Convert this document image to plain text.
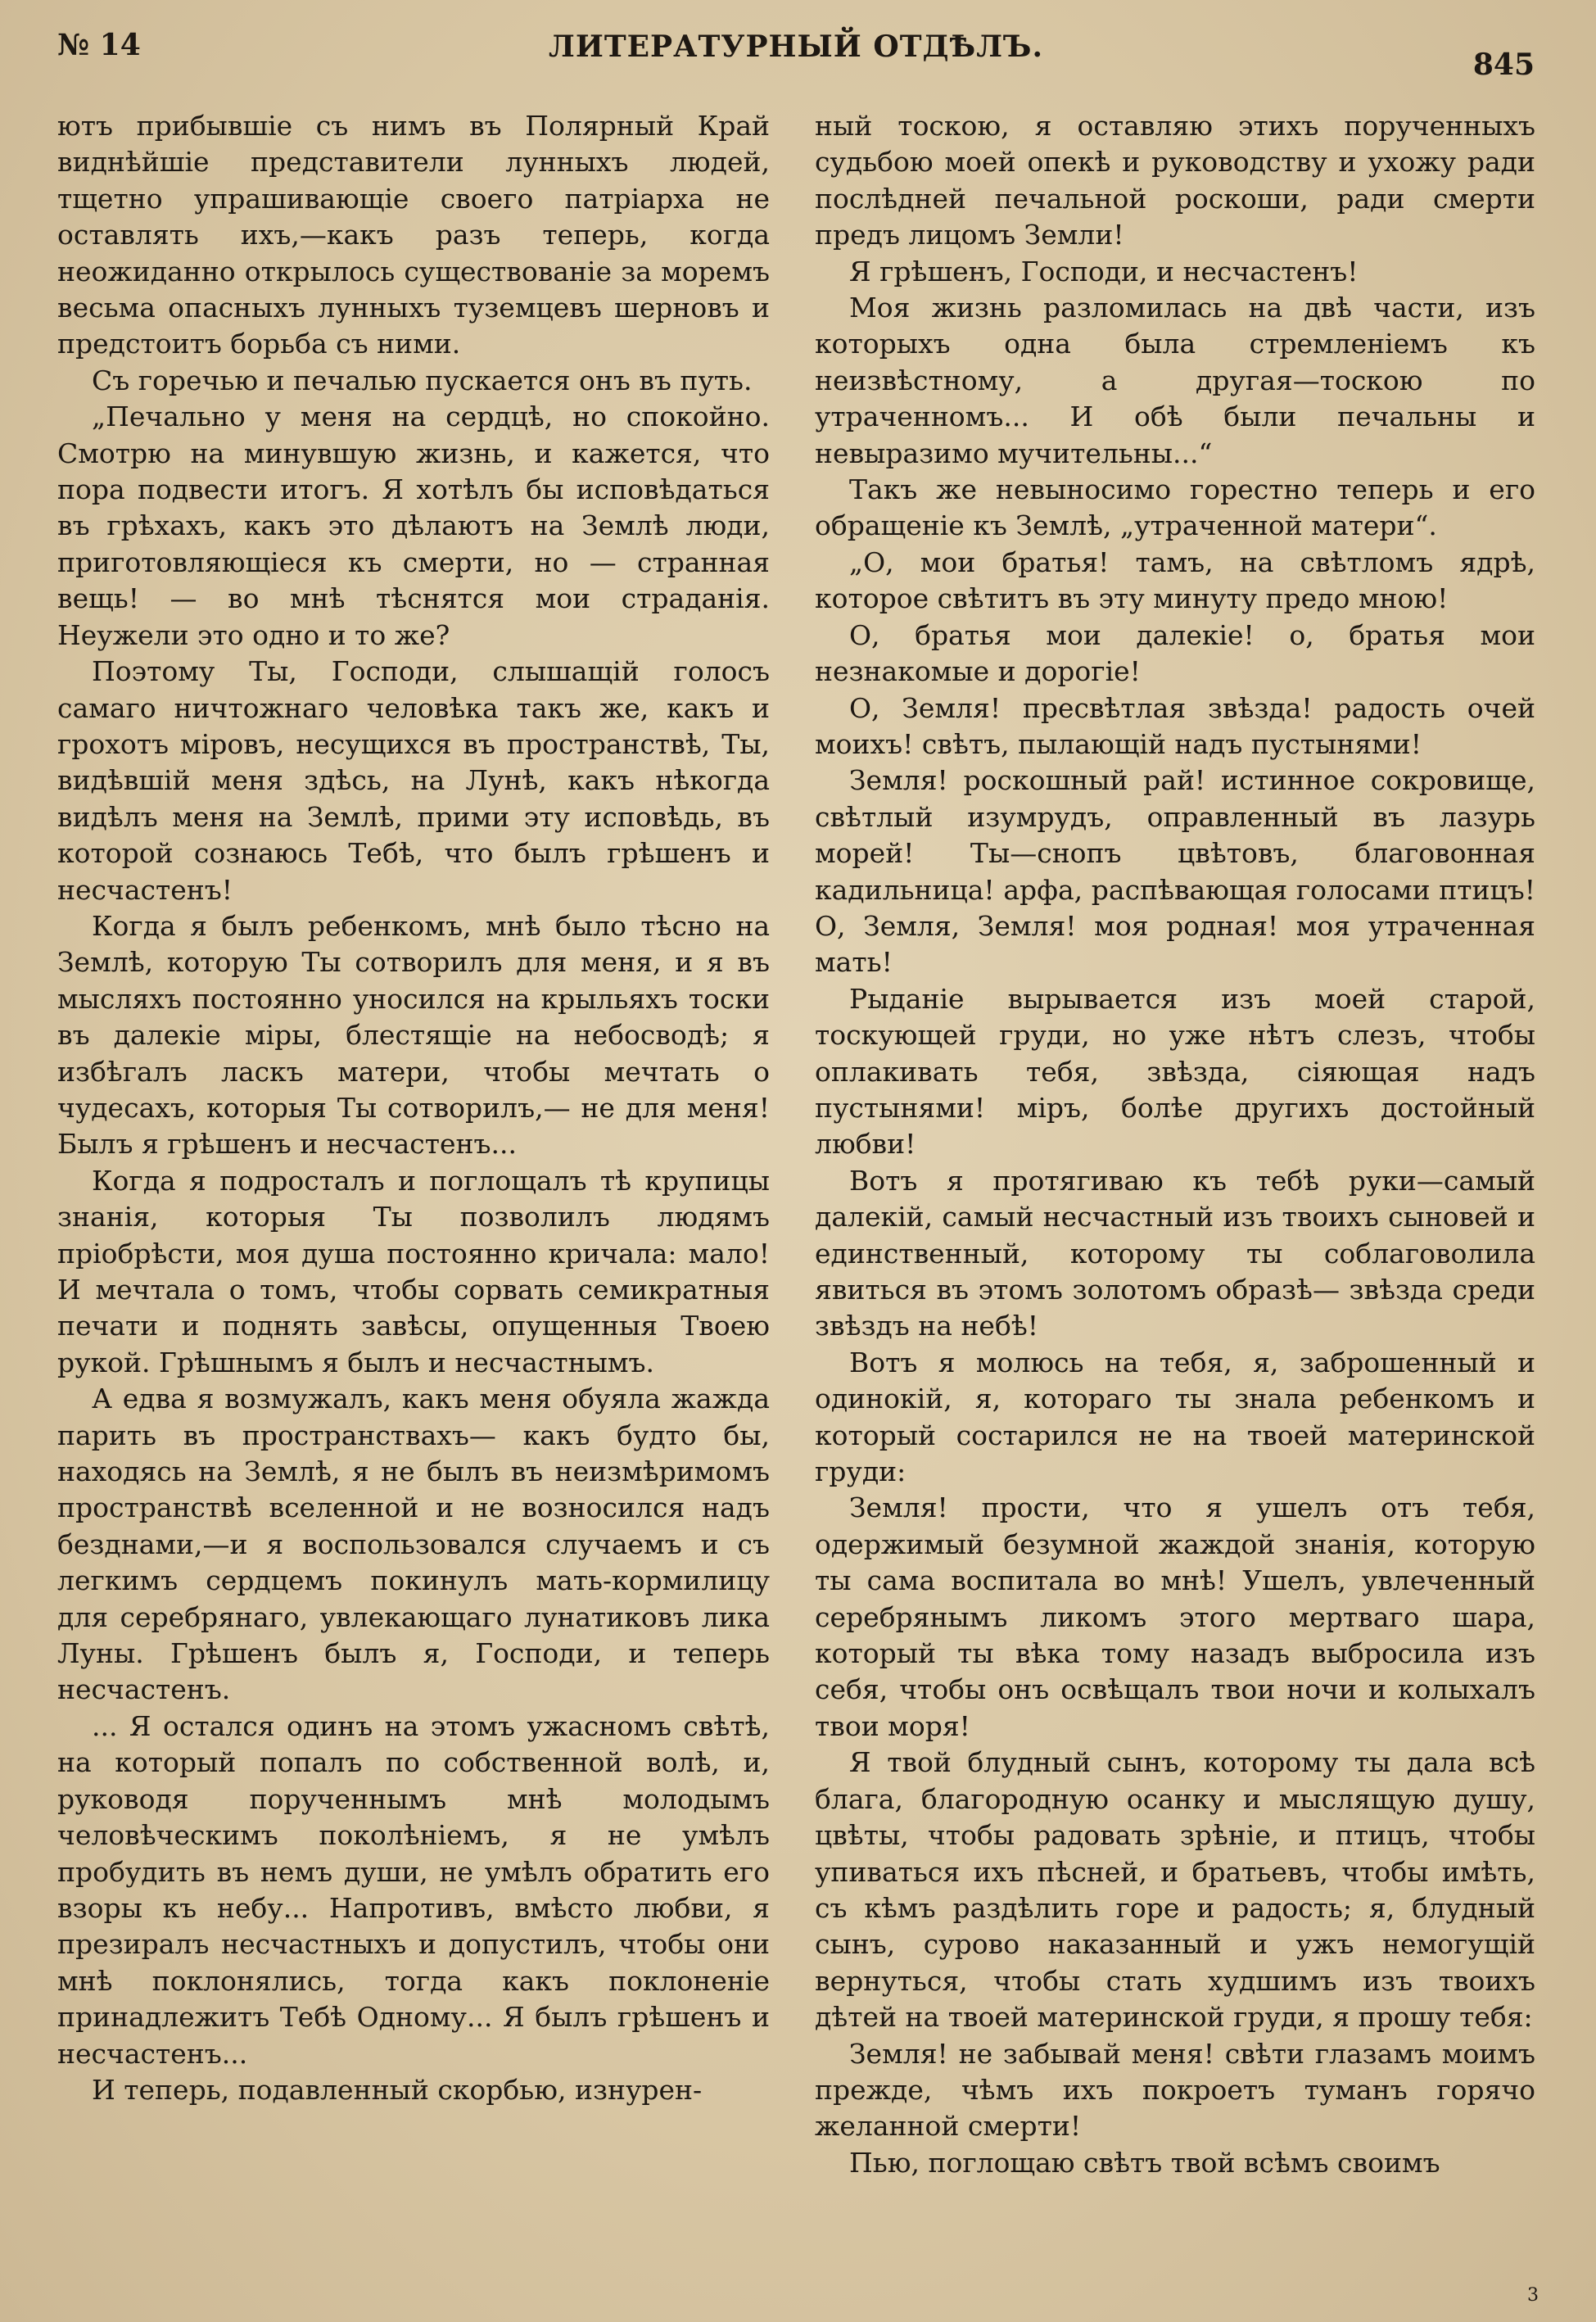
№ 14	ЛИТЕРАТУРНЫЙ ОТДѢЛЪ.
845

ютъ прибывшіе съ нимъ въ Полярный Край виднѣйшіе представители лунныхъ людей, тщетно упрашивающіе своего патріарха не оставлять ихъ,—какъ разъ теперь, когда неожиданно открылось существованіе за моремъ весьма опасныхъ лунныхъ туземцевъ шерновъ и предстоитъ борьба съ ними.

Съ горечью и печалью пускается онъ въ путь.

„Печально у меня на сердцѣ, но спокойно. Смотрю на минувшую жизнь, и кажется, что пора подвести итогъ. Я хотѣлъ бы исповѣдаться въ грѣхахъ, какъ это дѣлаютъ на Землѣ люди, приготовляющіеся къ смерти, но — странная вещь! — во мнѣ тѣснятся мои страданія. Неужели это одно и то же?

Поэтому Ты, Господи, слышащій голосъ самаго ничтожнаго человѣка такъ же, какъ и грохотъ міровъ, несущихся въ пространствѣ, Ты, видѣвшій меня здѣсь, на Лунѣ, какъ нѣкогда видѣлъ меня на Землѣ, прими эту исповѣдь, въ которой сознаюсь Тебѣ, что былъ грѣшенъ и несчастенъ!

Когда я былъ ребенкомъ, мнѣ было тѣсно на Землѣ, которую Ты сотворилъ для меня, и я въ мысляхъ постоянно уносился на крыльяхъ тоски въ далекіе міры, блестящіе на небосводѣ; я избѣгалъ ласкъ матери, чтобы мечтать о чудесахъ, которыя Ты сотворилъ,— не для меня! Былъ я грѣшенъ и несчастенъ...

Когда я подросталъ и поглощалъ тѣ крупицы знанія, которыя Ты позволилъ людямъ пріобрѣсти, моя душа постоянно кричала: мало! И мечтала о томъ, чтобы сорвать семикратныя печати и поднять завѣсы, опущенныя Твоею рукой. Грѣшнымъ я былъ и несчастнымъ.

А едва я возмужалъ, какъ меня обуяла жажда парить въ пространствахъ— какъ будто бы, находясь на Землѣ, я не былъ въ неизмѣримомъ пространствѣ вселенной и не возносился надъ безднами,—и я воспользовался случаемъ и съ легкимъ сердцемъ покинулъ мать-кормилицу для серебрянаго, увлекающаго лунатиковъ лика Луны. Грѣшенъ былъ я, Господи, и теперь несчастенъ.

... Я остался одинъ на этомъ ужасномъ свѣтѣ, на который попалъ по собственной волѣ, и, руководя порученнымъ мнѣ молодымъ человѣческимъ поколѣніемъ, я не умѣлъ пробудить въ немъ души, не умѣлъ обратить его взоры къ небу... Напротивъ, вмѣсто любви, я презиралъ несчастныхъ и допустилъ, чтобы они мнѣ поклонялись, тогда какъ поклоненіе принадлежитъ Тебѣ Одному... Я былъ грѣшенъ и несчастенъ...

И теперь, подавленный скорбью, изнурен-

ный тоскою, я оставляю этихъ порученныхъ судьбою моей опекѣ и руководству и ухожу ради послѣдней печальной роскоши, ради смерти предъ лицомъ Земли!

Я грѣшенъ, Господи, и несчастенъ!

Моя жизнь разломилась на двѣ части, изъ которыхъ одна была стремленіемъ къ неизвѣстному, а другая—тоскою по утраченномъ... И обѣ были печальны и невыразимо мучительны...“

Такъ же невыносимо горестно теперь и его обращеніе къ Землѣ, „утраченной матери“.

„О, мои братья! тамъ, на свѣтломъ ядрѣ, которое свѣтитъ въ эту минуту предо мною!

О, братья мои далекіе! о, братья мои незнакомые и дорогіе!

О, Земля! пресвѣтлая звѣзда! радость очей моихъ! свѣтъ, пылающій надъ пустынями!

Земля! роскошный рай! истинное сокровище, свѣтлый изумрудъ, оправленный въ лазурь морей! Ты—снопъ цвѣтовъ, благовонная кадильница! арфа, распѣвающая голосами птицъ! О, Земля, Земля! моя родная! моя утраченная мать!

Рыданіе вырывается изъ моей старой, тоскующей груди, но уже нѣтъ слезъ, чтобы оплакивать тебя, звѣзда, сіяющая надъ пустынями! міръ, болѣе другихъ достойный любви!

Вотъ я протягиваю къ тебѣ руки—самый далекій, самый несчастный изъ твоихъ сыновей и единственный, которому ты соблаговолила явиться въ этомъ золотомъ образѣ— звѣзда среди звѣздъ на небѣ!

Вотъ я молюсь на тебя, я, заброшенный и одинокій, я, котораго ты знала ребенкомъ и который состарился не на твоей материнской груди:

Земля! прости, что я ушелъ отъ тебя, одержимый безумной жаждой знанія, которую ты сама воспитала во мнѣ! Ушелъ, увлеченный серебрянымъ ликомъ этого мертваго шара, который ты вѣка тому назадъ выбросила изъ себя, чтобы онъ освѣщалъ твои ночи и колыхалъ твои моря!

Я твой блудный сынъ, которому ты дала всѣ блага, благородную осанку и мыслящую душу, цвѣты, чтобы радовать зрѣніе, и птицъ, чтобы упиваться ихъ пѣсней, и братьевъ, чтобы имѣть, съ кѣмъ раздѣлить горе и радость; я, блудный сынъ, сурово наказанный и ужъ немогущій вернуться, чтобы стать худшимъ изъ твоихъ дѣтей на твоей материнской груди, я прошу тебя:

Земля! не забывай меня! свѣти глазамъ моимъ прежде, чѣмъ ихъ покроетъ туманъ горячо желанной смерти!

Пью, поглощаю свѣтъ твой всѣмъ своимъ

3
